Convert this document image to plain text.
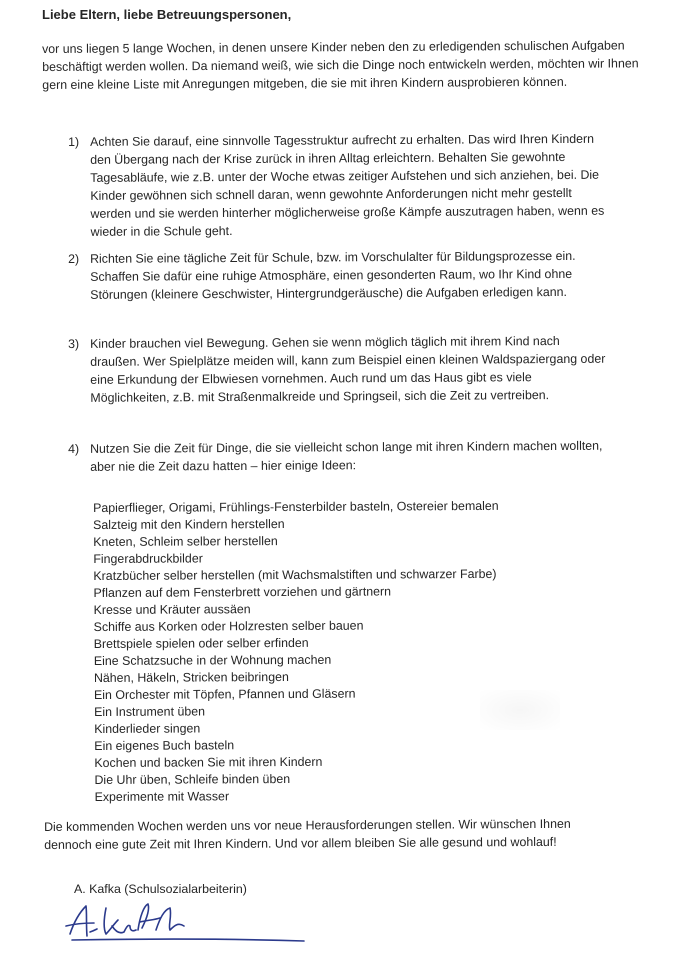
Liebe Eltern, liebe Betreuungspersonen,

vor uns liegen 5 lange Wochen, in denen unsere Kinder neben den zu erledigenden schulischen Aufgaben beschäftigt werden wollen. Da niemand weiß, wie sich die Dinge noch entwickeln werden, möchten wir Ihnen gern eine kleine Liste mit Anregungen mitgeben, die sie mit ihren Kindern ausprobieren können.

1) Achten Sie darauf, eine sinnvolle Tagesstruktur aufrecht zu erhalten. Das wird Ihren Kindern den Übergang nach der Krise zurück in ihren Alltag erleichtern. Behalten Sie gewohnte Tagesabläufe, wie z.B. unter der Woche etwas zeitiger Aufstehen und sich anziehen, bei. Die Kinder gewöhnen sich schnell daran, wenn gewohnte Anforderungen nicht mehr gestellt werden und sie werden hinterher möglicherweise große Kämpfe auszutragen haben, wenn es wieder in die Schule geht.
2) Richten Sie eine tägliche Zeit für Schule, bzw. im Vorschulalter für Bildungsprozesse ein. Schaffen Sie dafür eine ruhige Atmosphäre, einen gesonderten Raum, wo Ihr Kind ohne Störungen (kleinere Geschwister, Hintergrundgeräusche) die Aufgaben erledigen kann.
3) Kinder brauchen viel Bewegung. Gehen sie wenn möglich täglich mit ihrem Kind nach draußen. Wer Spielplätze meiden will, kann zum Beispiel einen kleinen Waldspaziergang oder eine Erkundung der Elbwiesen vornehmen. Auch rund um das Haus gibt es viele Möglichkeiten, z.B. mit Straßenmalkreide und Springseil, sich die Zeit zu vertreiben.
4) Nutzen Sie die Zeit für Dinge, die sie vielleicht schon lange mit ihren Kindern machen wollten, aber nie die Zeit dazu hatten – hier einige Ideen:
Papierflieger, Origami, Frühlings-Fensterbilder basteln, Ostereier bemalen
Salzteig mit den Kindern herstellen
Kneten, Schleim selber herstellen
Fingerabdruckbilder
Kratzbücher selber herstellen (mit Wachsmalstiften und schwarzer Farbe)
Pflanzen auf dem Fensterbrett vorziehen und gärtnern
Kresse und Kräuter aussäen
Schiffe aus Korken oder Holzresten selber bauen
Brettspiele spielen oder selber erfinden
Eine Schatzsuche in der Wohnung machen
Nähen, Häkeln, Stricken beibringen
Ein Orchester mit Töpfen, Pfannen und Gläsern
Ein Instrument üben
Kinderlieder singen
Ein eigenes Buch basteln
Kochen und backen Sie mit ihren Kindern
Die Uhr üben, Schleife binden üben
Experimente mit Wasser

Die kommenden Wochen werden uns vor neue Herausforderungen stellen. Wir wünschen Ihnen dennoch eine gute Zeit mit Ihren Kindern. Und vor allem bleiben Sie alle gesund und wohlauf!

A. Kafka (Schulsozialarbeiterin)
